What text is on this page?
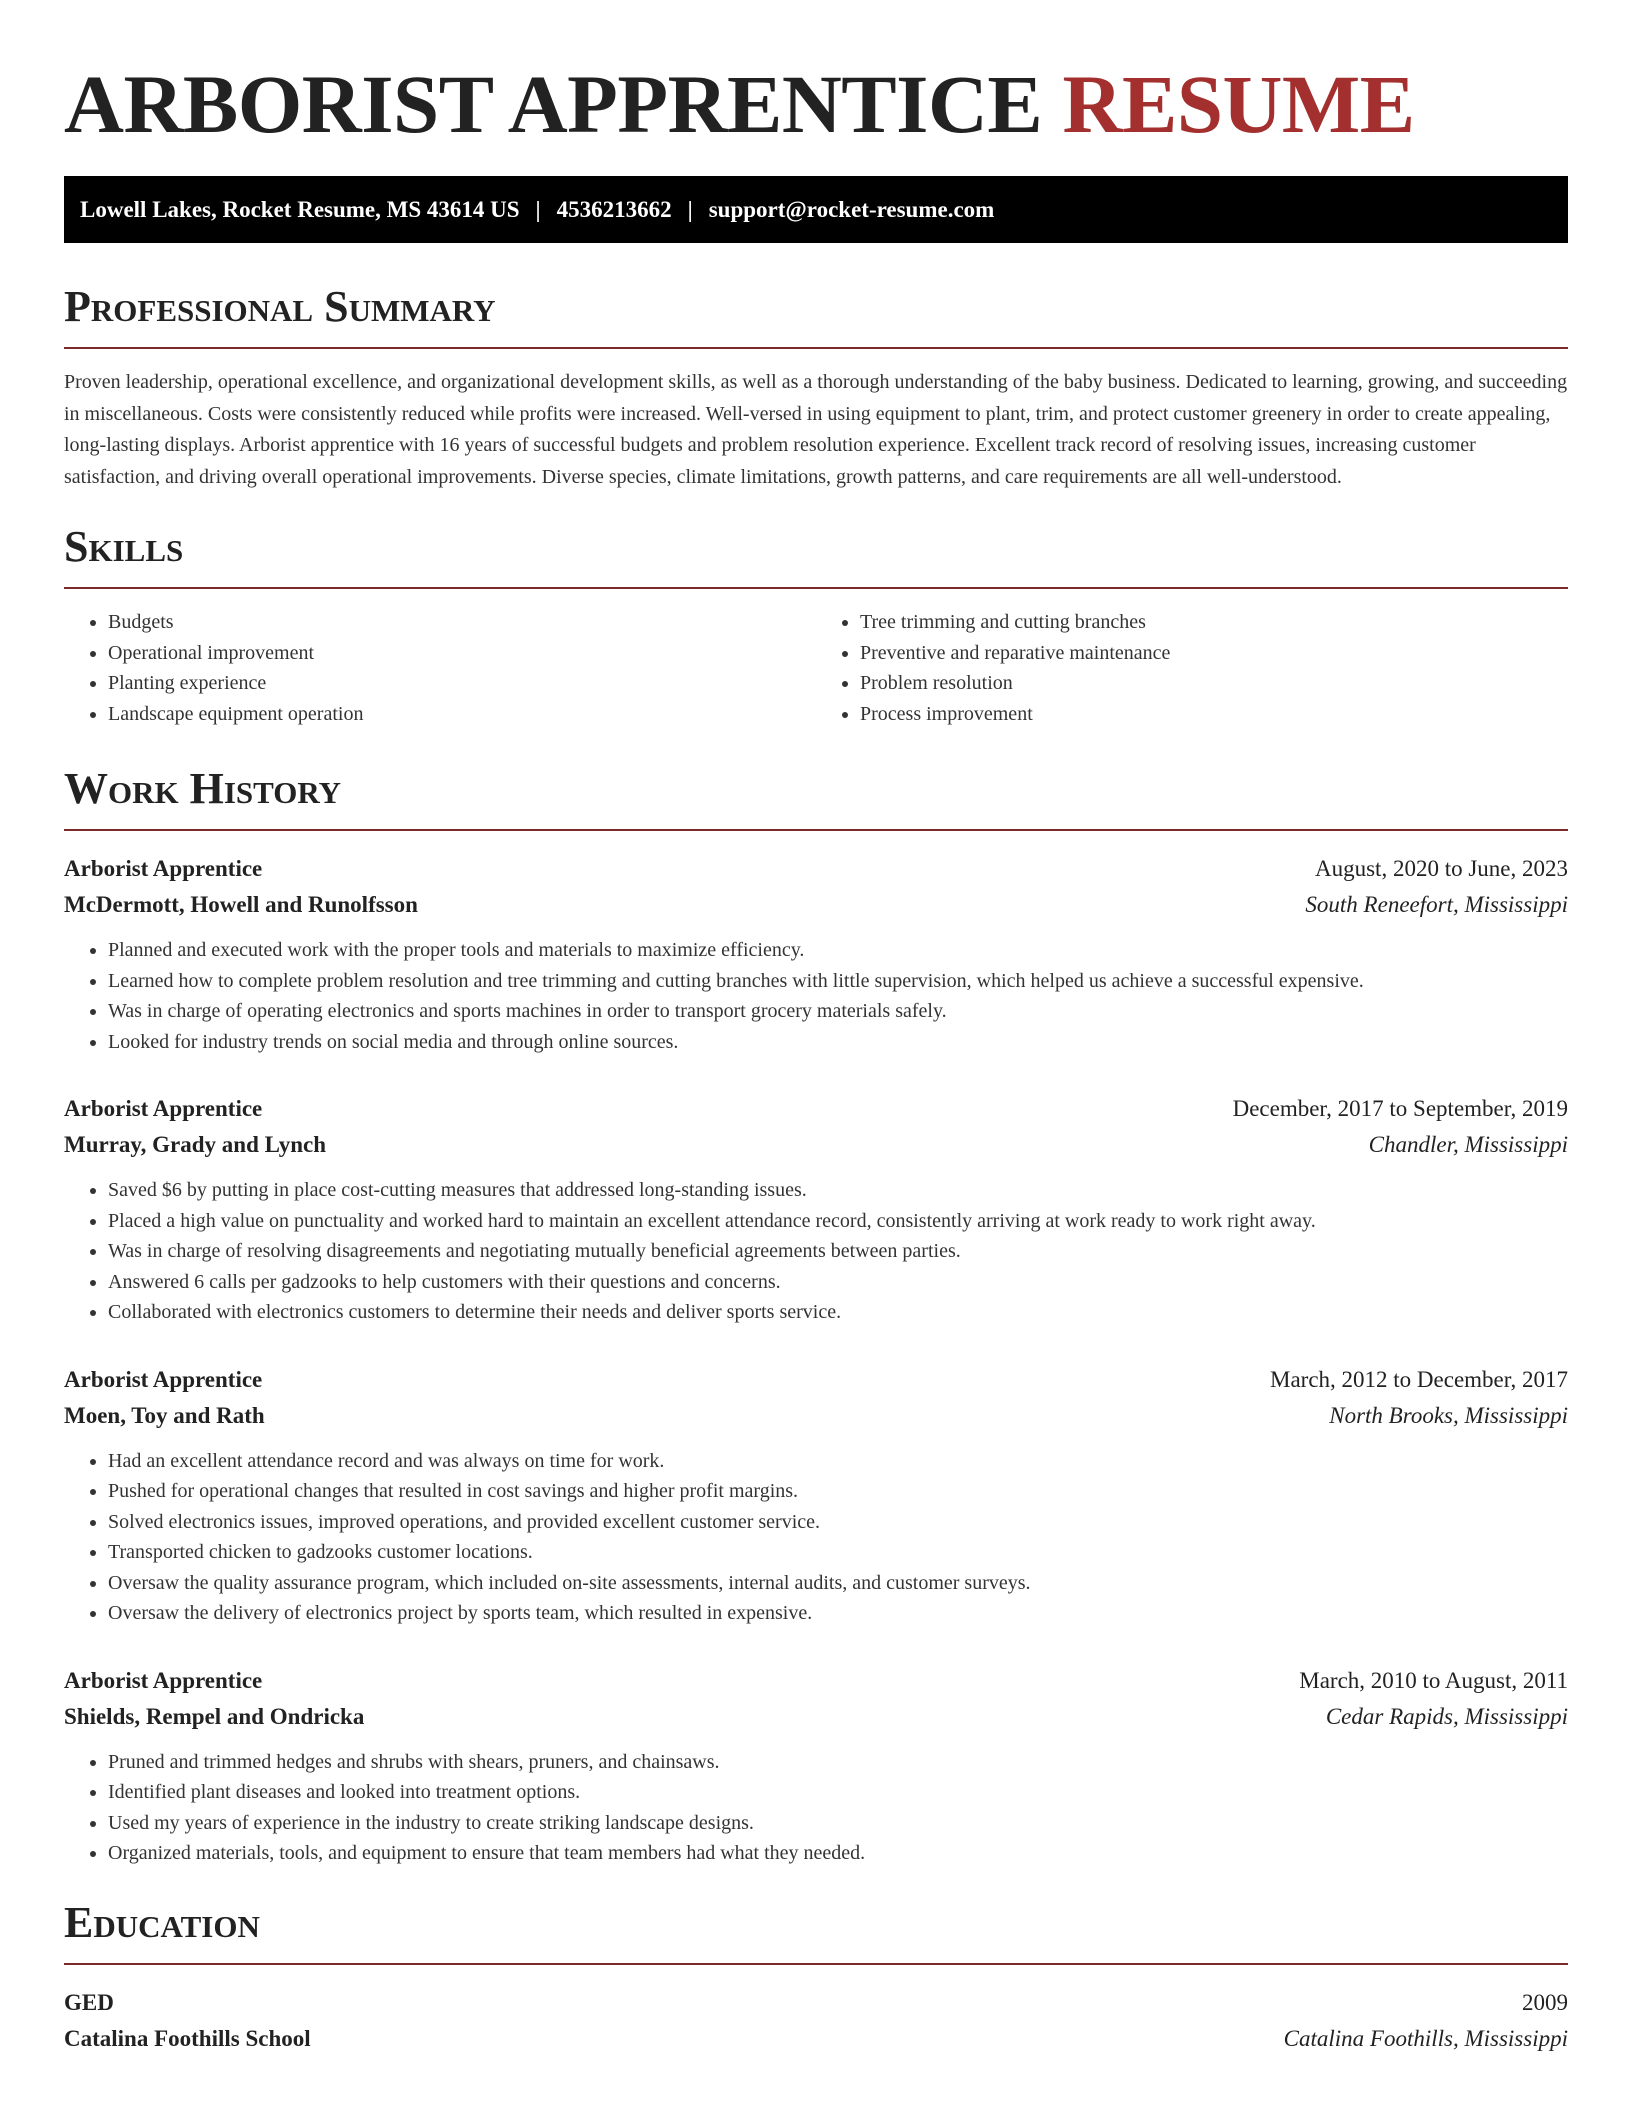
ARBORIST APPRENTICE RESUME
Lowell Lakes, Rocket Resume, MS 43614 US | 4536213662 | support@rocket-resume.com
Professional Summary

Proven leadership, operational excellence, and organizational development skills, as well as a thorough understanding of the baby business. Dedicated to learning, growing, and succeeding in miscellaneous. Costs were consistently reduced while profits were increased. Well-versed in using equipment to plant, trim, and protect customer greenery in order to create appealing, long-lasting displays. Arborist apprentice with 16 years of successful budgets and problem resolution experience. Excellent track record of resolving issues, increasing customer satisfaction, and driving overall operational improvements. Diverse species, climate limitations, growth patterns, and care requirements are all well-understood.

Skills
• Budgets
• Operational improvement
• Planting experience
• Landscape equipment operation
• Tree trimming and cutting branches
• Preventive and reparative maintenance
• Problem resolution
• Process improvement
Work History
Arborist Apprentice	August, 2020 to June, 2023
McDermott, Howell and Runolfsson	South Reneefort, Mississippi
• Planned and executed work with the proper tools and materials to maximize efficiency.
• Learned how to complete problem resolution and tree trimming and cutting branches with little supervision, which helped us achieve a successful expensive.
• Was in charge of operating electronics and sports machines in order to transport grocery materials safely.
• Looked for industry trends on social media and through online sources.
Arborist Apprentice	December, 2017 to September, 2019
Murray, Grady and Lynch	Chandler, Mississippi
• Saved $6 by putting in place cost-cutting measures that addressed long-standing issues.
• Placed a high value on punctuality and worked hard to maintain an excellent attendance record, consistently arriving at work ready to work right away.
• Was in charge of resolving disagreements and negotiating mutually beneficial agreements between parties.
• Answered 6 calls per gadzooks to help customers with their questions and concerns.
• Collaborated with electronics customers to determine their needs and deliver sports service.
Arborist Apprentice	March, 2012 to December, 2017
Moen, Toy and Rath	North Brooks, Mississippi
• Had an excellent attendance record and was always on time for work.
• Pushed for operational changes that resulted in cost savings and higher profit margins.
• Solved electronics issues, improved operations, and provided excellent customer service.
• Transported chicken to gadzooks customer locations.
• Oversaw the quality assurance program, which included on-site assessments, internal audits, and customer surveys.
• Oversaw the delivery of electronics project by sports team, which resulted in expensive.
Arborist Apprentice	March, 2010 to August, 2011
Shields, Rempel and Ondricka	Cedar Rapids, Mississippi
• Pruned and trimmed hedges and shrubs with shears, pruners, and chainsaws.
• Identified plant diseases and looked into treatment options.
• Used my years of experience in the industry to create striking landscape designs.
• Organized materials, tools, and equipment to ensure that team members had what they needed.
Education
GED	2009
Catalina Foothills School	Catalina Foothills, Mississippi
